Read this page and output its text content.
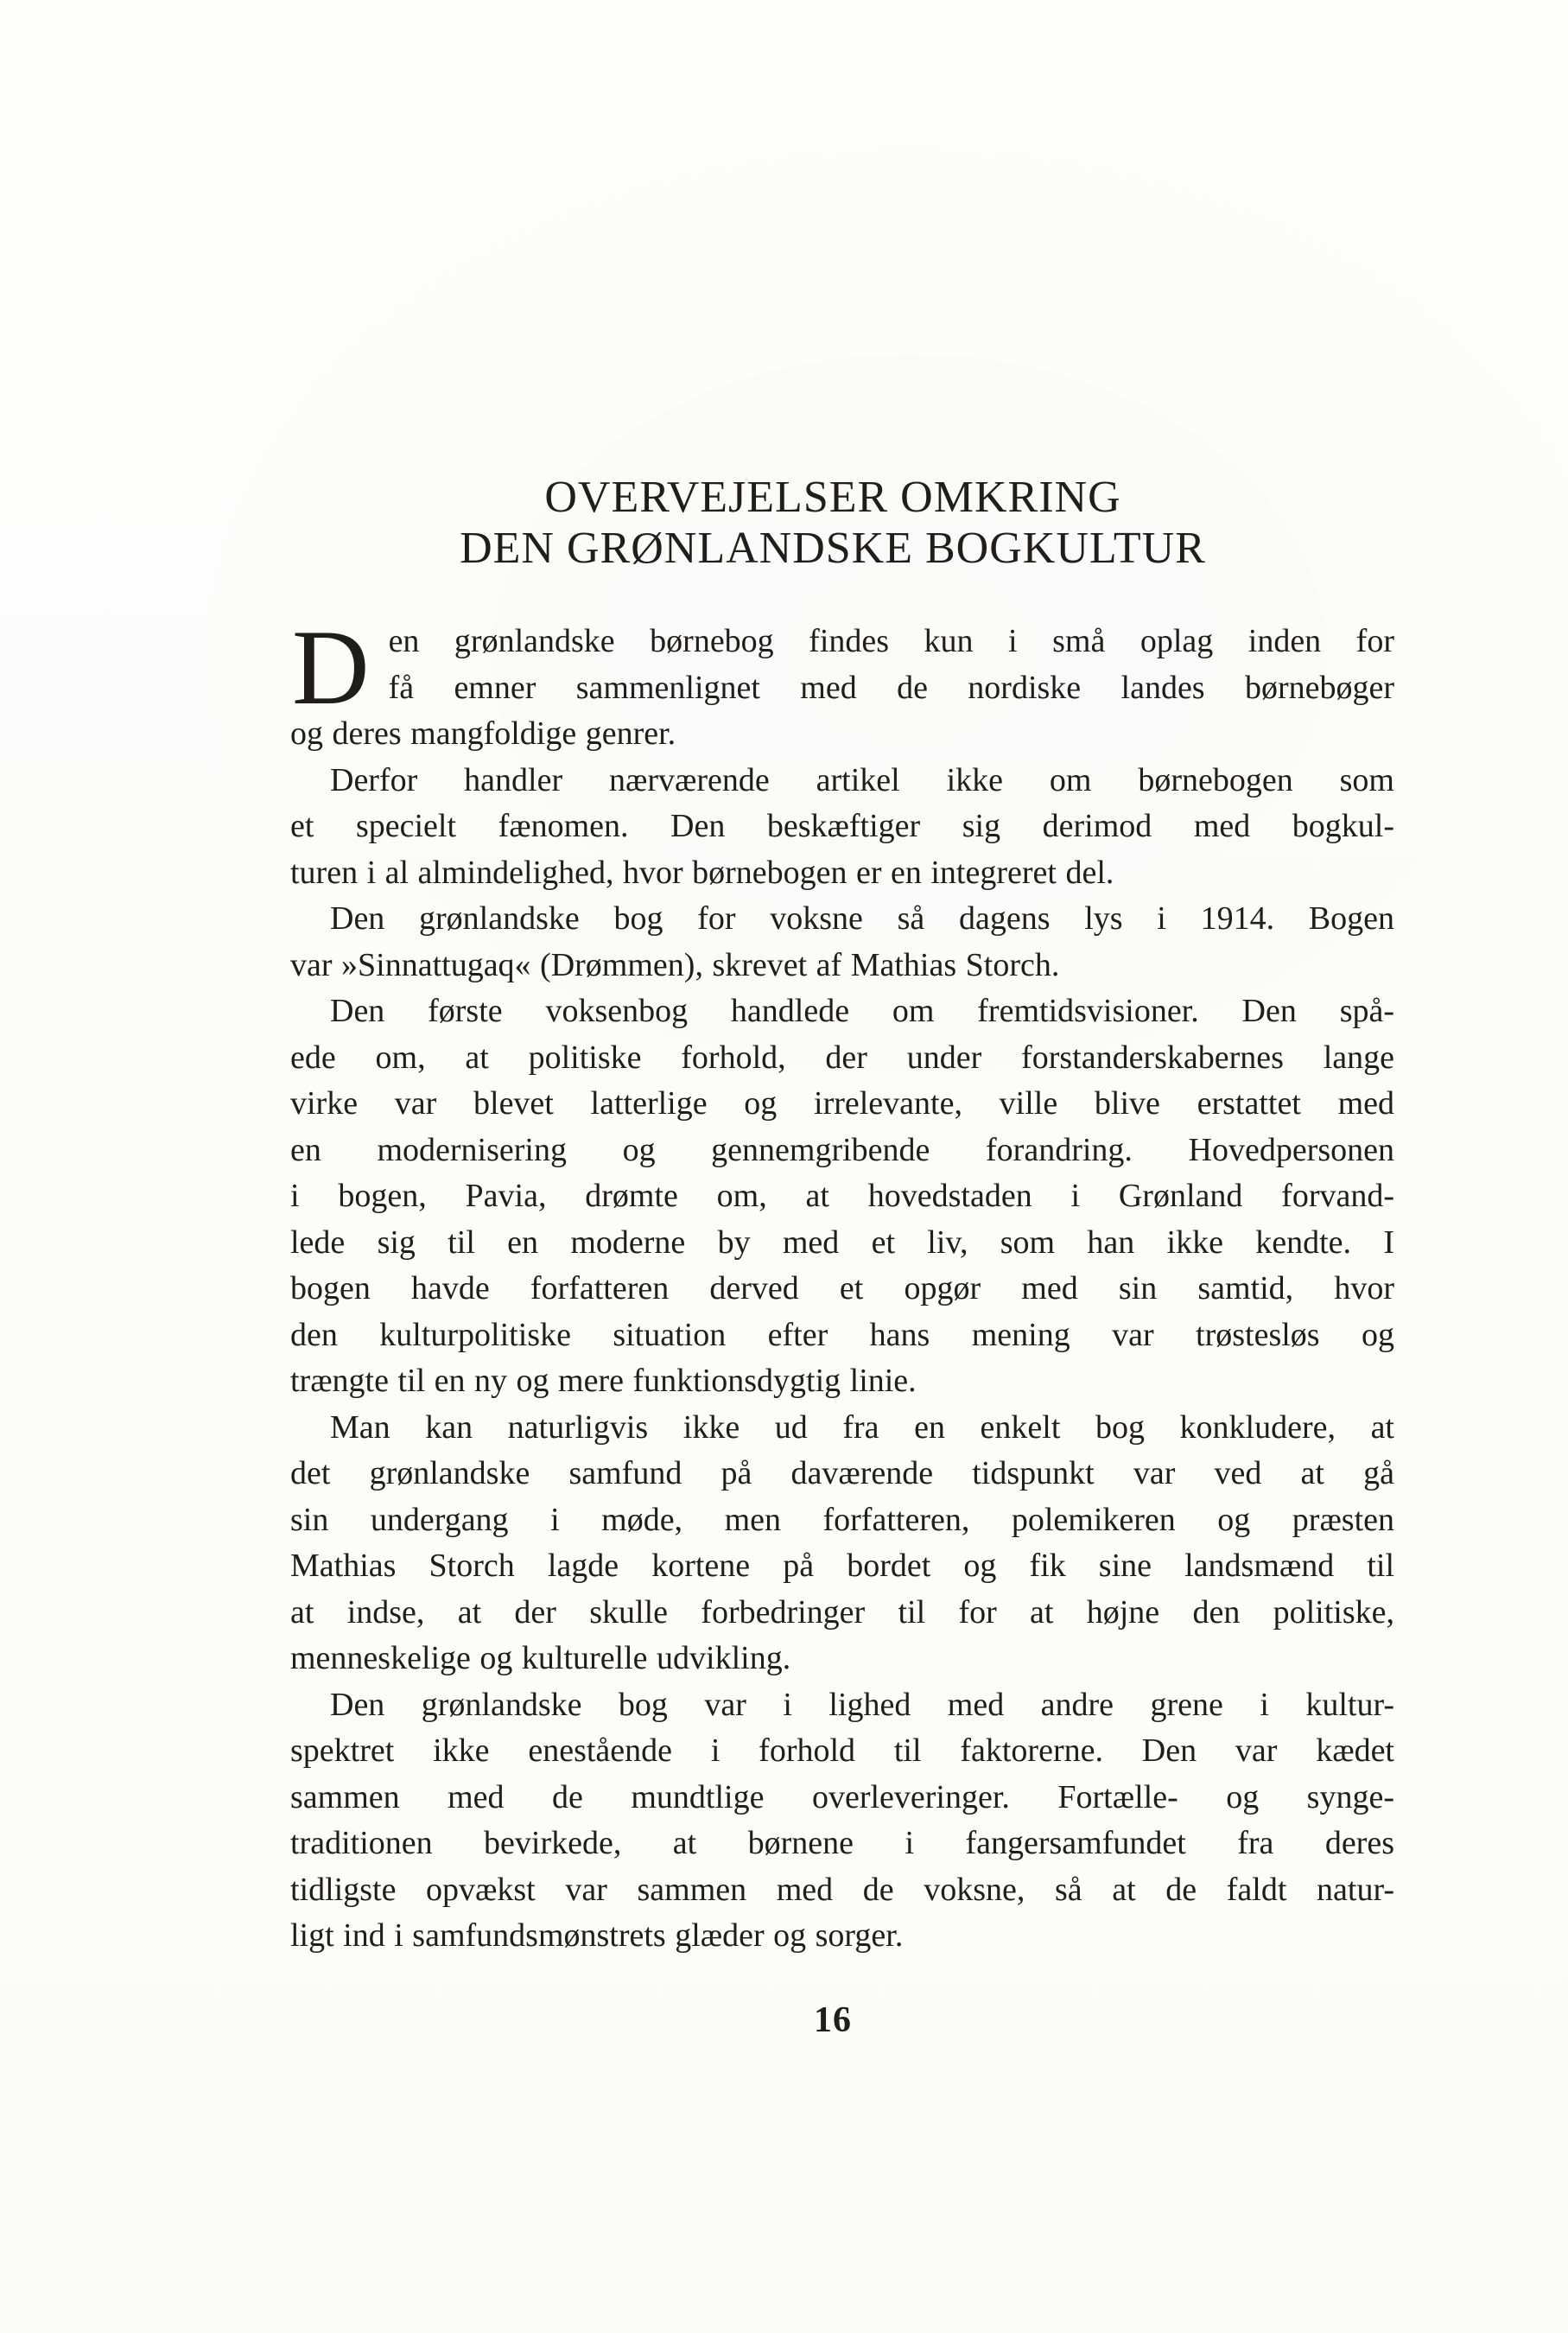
OVERVEJELSER OMKRING
DEN GRØNLANDSKE BOGKULTUR

D en grønlandske børnebog findes kun i små oplag inden for
få emner sammenlignet med de nordiske landes børnebøger
og deres mangfoldige genrer.

Derfor handler nærværende artikel ikke om børnebogen som
et specielt fænomen. Den beskæftiger sig derimod med bogkul-
turen i al almindelighed, hvor børnebogen er en integreret del.

Den grønlandske bog for voksne så dagens lys i 1914. Bogen
var »Sinnattugaq« (Drømmen), skrevet af Mathias Storch.

Den første voksenbog handlede om fremtidsvisioner. Den spå-
ede om, at politiske forhold, der under forstanderskabernes lange
virke var blevet latterlige og irrelevante, ville blive erstattet med
en modernisering og gennemgribende forandring. Hovedpersonen
i bogen, Pavia, drømte om, at hovedstaden i Grønland forvand-
lede sig til en moderne by med et liv, som han ikke kendte. I
bogen havde forfatteren derved et opgør med sin samtid, hvor
den kulturpolitiske situation efter hans mening var trøstesløs og
trængte til en ny og mere funktionsdygtig linie.

Man kan naturligvis ikke ud fra en enkelt bog konkludere, at
det grønlandske samfund på daværende tidspunkt var ved at gå
sin undergang i møde, men forfatteren, polemikeren og præsten
Mathias Storch lagde kortene på bordet og fik sine landsmænd til
at indse, at der skulle forbedringer til for at højne den politiske,
menneskelige og kulturelle udvikling.

Den grønlandske bog var i lighed med andre grene i kultur-
spektret ikke enestående i forhold til faktorerne. Den var kædet
sammen med de mundtlige overleveringer. Fortælle- og synge-
traditionen bevirkede, at børnene i fangersamfundet fra deres
tidligste opvækst var sammen med de voksne, så at de faldt natur-
ligt ind i samfundsmønstrets glæder og sorger.

16
